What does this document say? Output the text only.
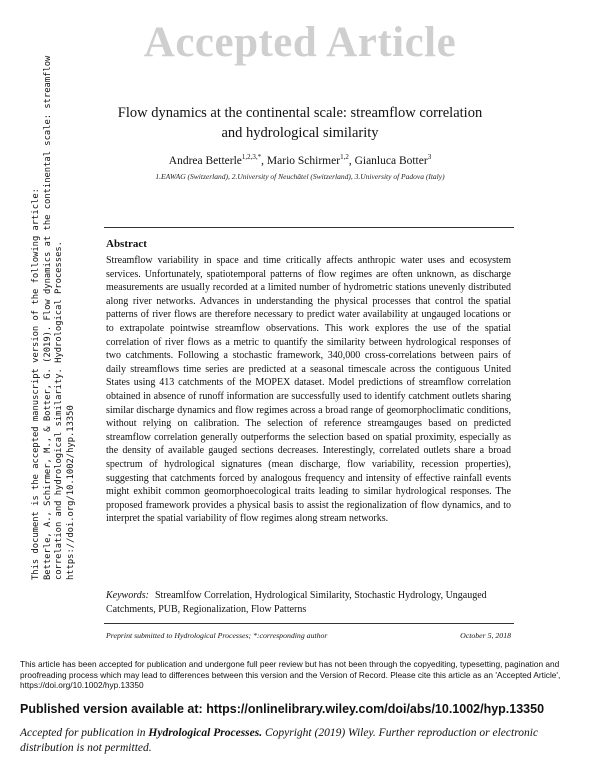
Accepted Article
This document is the accepted manuscript version of the following article: Betterle, A., Schirmer, M., & Botter, G. (2019). Flow dynamics at the continental scale: streamflow correlation and hydrological similarity. Hydrological Processes. https://doi.org/10.1002/hyp.13350
Flow dynamics at the continental scale: streamflow correlation
and hydrological similarity
Andrea Betterle$^{1,2,3,*}$, Mario Schirmer$^{1,2}$, Gianluca Botter$^3$
1.EAWAG (Switzerland), 2.University of Neuchâtel (Switzerland), 3.University of Padova (Italy)
Abstract
Streamflow variability in space and time critically affects anthropic water uses and ecosystem services. Unfortunately, spatiotemporal patterns of flow regimes are often unknown, as discharge measurements are usually recorded at a limited number of hydrometric stations unevenly distributed along river networks. Advances in understanding the physical processes that control the spatial patterns of river flows are therefore necessary to predict water availability at ungauged locations or to extrapolate pointwise streamflow observations. This work explores the use of the spatial correlation of river flows as a metric to quantify the similarity between hydrological responses of two catchments. Following a stochastic framework, 340,000 cross-correlations between pairs of daily streamflows time series are predicted at a seasonal timescale across the contiguous United States using 413 catchments of the MOPEX dataset. Model predictions of streamflow correlation obtained in absence of runoff information are successfully used to identify catchment outlets sharing similar discharge dynamics and flow regimes across a broad range of geomorphoclimatic conditions, without relying on calibration. The selection of reference streamgauges based on predicted streamflow correlation generally outperforms the selection based on spatial proximity, especially as the density of available gauged sections decreases. Interestingly, correlated outlets share a broad spectrum of hydrological signatures (mean discharge, flow variability, recession properties), suggesting that catchments forced by analogous frequency and intensity of effective rainfall events might exhibit common geomorphoecological traits leading to similar hydrological responses. The proposed framework provides a physical basis to assist the regionalization of flow dynamics, and to interpret the spatial variability of flow regimes along stream networks.
Keywords: Streamlfow Correlation, Hydrological Similarity, Stochastic Hydrology, Ungauged Catchments, PUB, Regionalization, Flow Patterns
Preprint submitted to Hydrological Processes; *:corresponding author	October 5, 2018
This article has been accepted for publication and undergone full peer review but has not been through the copyediting, typesetting, pagination and proofreading process which may lead to differences between this version and the Version of Record. Please cite this article as an 'Accepted Article', https://doi.org/10.1002/hyp.13350
Published version available at: https://onlinelibrary.wiley.com/doi/abs/10.1002/hyp.13350
Accepted for publication in Hydrological Processes. Copyright (2019) Wiley. Further reproduction or electronic distribution is not permitted.
